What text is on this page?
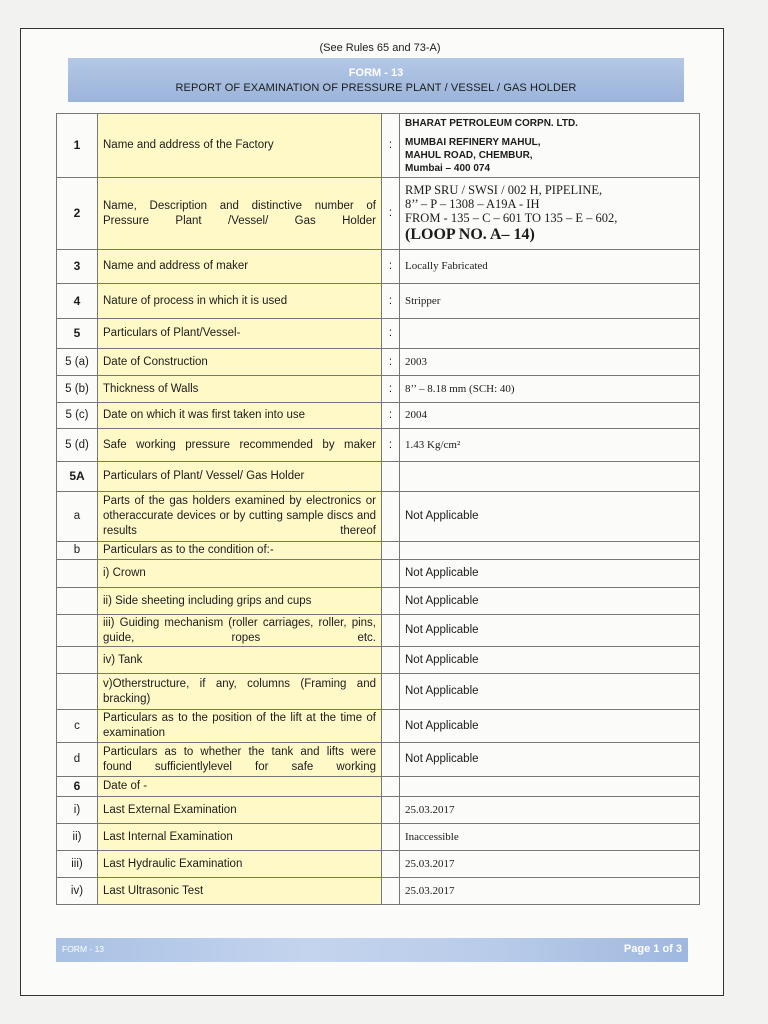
(See Rules 65 and 73-A)
FORM - 13
REPORT OF EXAMINATION OF PRESSURE PLANT / VESSEL / GAS HOLDER
1	Name and address of the Factory	:	BHARAT PETROLEUM CORPN. LTD.
MUMBAI REFINERY MAHUL,
MAHUL ROAD, CHEMBUR,
Mumbai – 400 074

2	Name, Description and distinctive number of Pressure Plant /Vessel/ Gas Holder	:	RMP SRU / SWSI / 002 H, PIPELINE,
8’’ – P – 1308 – A19A - IH
FROM - 135 – C – 601 TO 135 – E – 602,
(LOOP NO. A– 14)

3	Name and address of maker	:	Locally Fabricated
4	Nature of process in which it is used	:	Stripper
5	Particulars of Plant/Vessel-	:	
5 (a)	Date of Construction	:	2003
5 (b)	Thickness of Walls	:	8’’ – 8.18 mm (SCH: 40)
5 (c)	Date on which it was first taken into use	:	2004
5 (d)	Safe working pressure recommended by maker	:	1.43 Kg/cm²
5A	Particulars of Plant/ Vessel/ Gas Holder		
a	Parts of the gas holders examined by electronics or otheraccurate devices or by cutting sample discs and results thereof		Not Applicable
b	Particulars as to the condition of:-		
	i) Crown		Not Applicable
	ii) Side sheeting including grips and cups		Not Applicable
	iii) Guiding mechanism (roller carriages, roller, pins, guide, ropes etc.		Not Applicable
	iv) Tank		Not Applicable
	v)Otherstructure, if any, columns (Framing and bracking)		Not Applicable
c	Particulars as to the position of the lift at the time of examination		Not Applicable
d	Particulars as to whether the tank and lifts were found sufficientlylevel for safe working		Not Applicable
6	Date of -		
i)	Last External Examination		25.03.2017
ii)	Last Internal Examination		Inaccessible
iii)	Last Hydraulic Examination		25.03.2017
iv)	Last Ultrasonic Test		25.03.2017
FORM - 13	Page 1 of 3
